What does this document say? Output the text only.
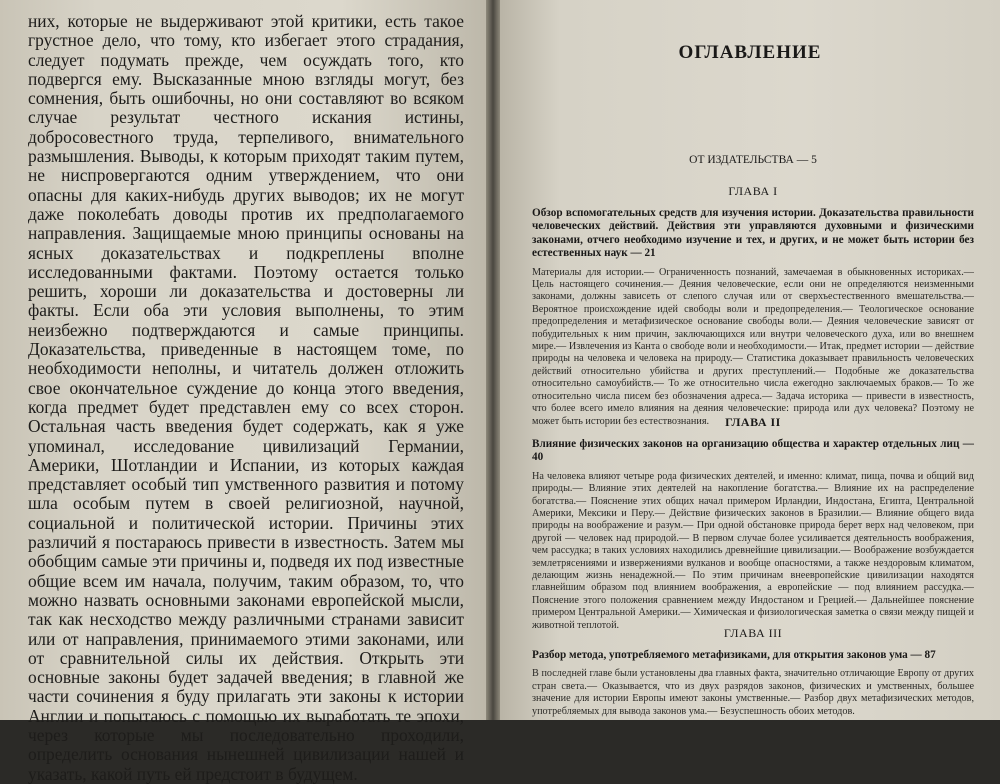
них, которые не выдерживают этой критики, есть такое грустное дело, что тому, кто избегает этого страдания, следует подумать прежде, чем осуждать того, кто подвергся ему. Высказанные мною взгляды могут, без сомнения, быть ошибочны, но они составляют во всяком случае результат честного искания истины, добросовестного труда, терпеливого, внимательного размышления. Выводы, к которым приходят таким путем, не ниспровергаются одним утверждением, что они опасны для каких-нибудь других выводов; их не могут даже поколебать доводы против их предполагаемого направления. Защищаемые мною принципы основаны на ясных доказательствах и подкреплены вполне исследованными фактами. Поэтому остается только решить, хороши ли доказательства и достоверны ли факты. Если оба эти условия выполнены, то этим неизбежно подтверждаются и самые принципы. Доказательства, приведенные в настоящем томе, по необходимости неполны, и читатель должен отложить свое окончательное суждение до конца этого введения, когда предмет будет представлен ему со всех сторон. Остальная часть введения будет содержать, как я уже упоминал, исследование цивилизаций Германии, Америки, Шотландии и Испании, из которых каждая представляет особый тип умственного развития и потому шла особым путем в своей религиозной, научной, социальной и политической истории. Причины этих различий я постараюсь привести в известность. Затем мы обобщим самые эти причины и, подведя их под известные общие всем им начала, получим, таким образом, то, что можно назвать основными законами европейской мысли, так как несходство между различными странами зависит или от направления, принимаемого этими законами, или от сравнительной силы их действия. Открыть эти основные законы будет задачей введения; в главной же части сочинения я буду прилагать эти законы к истории Англии и попытаюсь с помощью их выработать те эпохи, через которые мы последовательно проходили, определить основания нынешней цивилизации нашей и указать, какой путь ей предстоит в будущем.

ОГЛАВЛЕНИЕ

ОТ ИЗДАТЕЛЬСТВА — 5

ГЛАВА I

Обзор вспомогательных средств для изучения истории. Доказательства правильности человеческих действий. Действия эти управляются духовными и физическими законами, отчего необходимо изучение и тех, и других, и не может быть истории без естественных наук — 21

Материалы для истории.— Ограниченность познаний, замечаемая в обыкновенных историках.— Цель настоящего сочинения.— Деяния человеческие, если они не определяются неизменными законами, должны зависеть от слепого случая или от сверхъестественного вмешательства.— Вероятное происхождение идей свободы воли и предопределения.— Теологическое основание предопределения и метафизическое основание свободы воли.— Деяния человеческие зависят от побудительных к ним причин, заключающихся или внутри человеческого духа, или во внешнем мире.— Извлечения из Канта о свободе воли и необходимости.— Итак, предмет истории — действие природы на человека и человека на природу.— Статистика доказывает правильность человеческих действий относительно убийства и других преступлений.— Подобные же доказательства относительно самоубийств.— То же относительно числа ежегодно заключаемых браков.— То же относительно числа писем без обозначения адреса.— Задача историка — привести в известность, что более всего имело влияния на деяния человеческие: природа или дух человека? Поэтому не может быть истории без естествознания.	ГЛАВА II

Влияние физических законов на организацию общества и характер отдельных лиц — 40

На человека влияют четыре рода физических деятелей, и именно: климат, пища, почва и общий вид природы.— Влияние этих деятелей на накопление богатства.— Влияние их на распределение богатства.— Пояснение этих общих начал примером Ирландии, Индостана, Египта, Центральной Америки, Мексики и Перу.— Действие физических законов в Бразилии.— Влияние общего вида природы на воображение и разум.— При одной обстановке природа берет верх над человеком, при другой — человек над природой.— В первом случае более усиливается деятельность воображения, чем рассудка; в таких условиях находились древнейшие цивилизации.— Воображение возбуждается землетрясениями и извержениями вулканов и вообще опасностями, а также нездоровым климатом, делающим жизнь ненадежной.— По этим причинам внеевропейские цивилизации находятся главнейшим образом под влиянием воображения, а европейские — под влиянием рассудка.— Пояснение этого положения сравнением между Индостаном и Грецией.— Дальнейшее пояснение примером Центральной Америки.— Химическая и физиологическая заметка о связи между пищей и животной теплотой.

ГЛАВА III

Разбор метода, употребляемого метафизиками, для открытия законов ума — 87

В последней главе были установлены два главных факта, значительно отличающие Европу от других стран света.— Оказывается, что из двух разрядов законов, физических и умственных, большее значение для истории Европы имеют законы умственные.— Разбор двух метафизических методов, употребляемых для вывода законов ума.— Безуспешность обоих методов.
